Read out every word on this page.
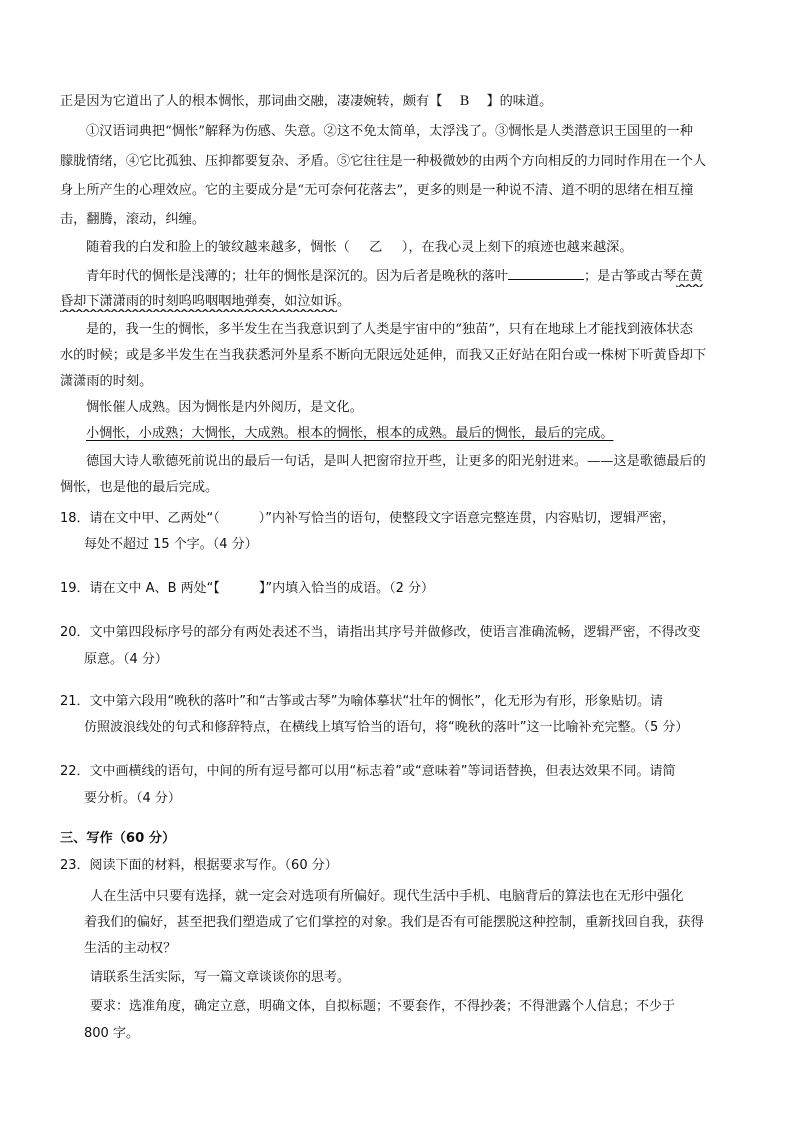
正是因为它道出了人的根本惆怅，那词曲交融，凄凄婉转，颇有【 B 】的味道。
①汉语词典把“惆怅”解释为伤感、失意。②这不免太简单，太浮浅了。③惆怅是人类潜意识王国里的一种
朦胧情绪，④它比孤独、压抑都要复杂、矛盾。⑤它往往是一种极微妙的由两个方向相反的力同时作用在一个人
身上所产生的心理效应。它的主要成分是“无可奈何花落去”，更多的则是一种说不清、道不明的思绪在相互撞
击，翻腾，滚动，纠缠。
随着我的白发和脸上的皱纹越来越多，惆怅（ 乙 ），在我心灵上刻下的痕迹也越来越深。
青年时代的惆怅是浅薄的；壮年的惆怅是深沉的。因为后者是晚秋的落叶	；是古筝或古琴在黄
昏却下潇潇雨的时刻呜呜咽咽地弹奏，如泣如诉。
是的，我一生的惆怅，多半发生在当我意识到了人类是宇宙中的“独苗”，只有在地球上才能找到液体状态
水的时候；或是多半发生在当我获悉河外星系不断向无限远处延伸，而我又正好站在阳台或一株树下听黄昏却下
潇潇雨的时刻。
惆怅催人成熟。因为惆怅是内外阅历，是文化。
小惆怅，小成熟；大惆怅，大成熟。根本的惆怅，根本的成熟。最后的惆怅，最后的完成。
德国大诗人歌德死前说出的最后一句话，是叫人把窗帘拉开些，让更多的阳光射进来。——这是歌德最后的
惆怅，也是他的最后完成。
18．请在文中甲、乙两处“（　　　）”内补写恰当的语句，使整段文字语意完整连贯，内容贴切，逻辑严密，
每处不超过 15 个字。（4 分）
19．请在文中 A、B 两处“【　　　】”内填入恰当的成语。（2 分）
20．文中第四段标序号的部分有两处表述不当，请指出其序号并做修改，使语言准确流畅，逻辑严密，不得改变
原意。（4 分）
21．文中第六段用“晚秋的落叶”和“古筝或古琴”为喻体摹状“壮年的惆怅”，化无形为有形，形象贴切。请
仿照波浪线处的句式和修辞特点，在横线上填写恰当的语句，将“晚秋的落叶”这一比喻补充完整。（5 分）
22．文中画横线的语句，中间的所有逗号都可以用“标志着”或“意味着”等词语替换，但表达效果不同。请简
要分析。（4 分）
三、写作（60 分）
23．阅读下面的材料，根据要求写作。（60 分）
人在生活中只要有选择，就一定会对选项有所偏好。现代生活中手机、电脑背后的算法也在无形中强化
着我们的偏好，甚至把我们塑造成了它们掌控的对象。我们是否有可能摆脱这种控制，重新找回自我，获得
生活的主动权？
请联系生活实际，写一篇文章谈谈你的思考。
要求：选准角度，确定立意，明确文体，自拟标题；不要套作，不得抄袭；不得泄露个人信息；不少于
800 字。
